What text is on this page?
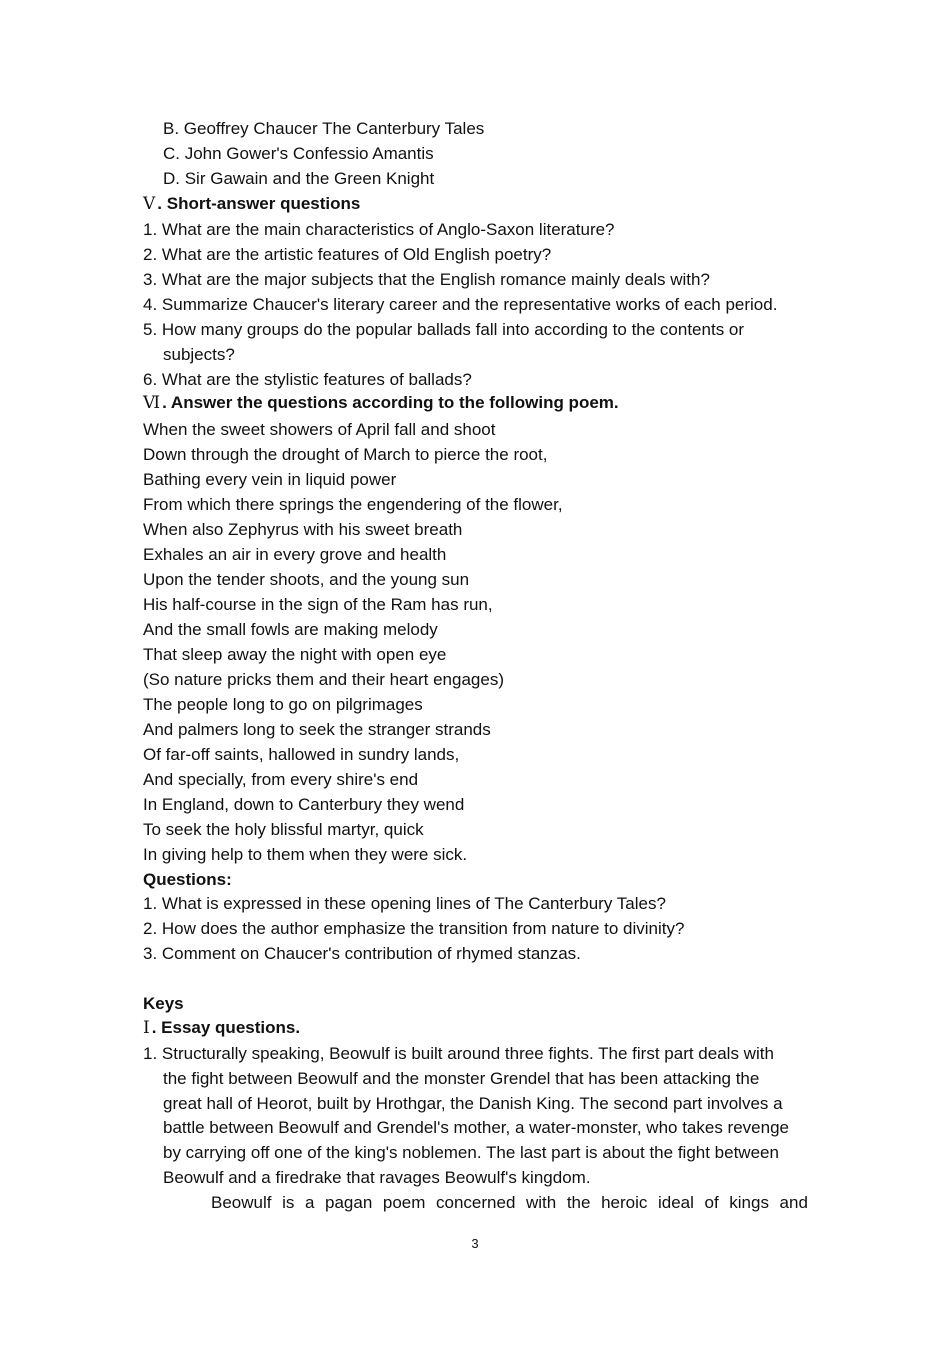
B. Geoffrey Chaucer The Canterbury Tales
C. John Gower's Confessio Amantis
D. Sir Gawain and the Green Knight
Ⅴ . Short-answer questions
1. What are the main characteristics of Anglo-Saxon literature?
2. What are the artistic features of Old English poetry?
3. What are the major subjects that the English romance mainly deals with?
4. Summarize Chaucer's literary career and the representative works of each period.
5. How many groups do the popular ballads fall into according to the contents or
subjects?
6. What are the stylistic features of ballads?
Ⅵ . Answer the questions according to the following poem.
When the sweet showers of April fall and shoot
Down through the drought of March to pierce the root,
Bathing every vein in liquid power
From which there springs the engendering of the flower,
When also Zephyrus with his sweet breath
Exhales an air in every grove and health
Upon the tender shoots, and the young sun
His half-course in the sign of the Ram has run,
And the small fowls are making melody
That sleep away the night with open eye
(So nature pricks them and their heart engages)
The people long to go on pilgrimages
And palmers long to seek the stranger strands
Of far-off saints, hallowed in sundry lands,
And specially, from every shire's end
In England, down to Canterbury they wend
To seek the holy blissful martyr, quick
In giving help to them when they were sick.
Questions:
1. What is expressed in these opening lines of The Canterbury Tales?
2. How does the author emphasize the transition from nature to divinity?
3. Comment on Chaucer's contribution of rhymed stanzas.
Keys
Ⅰ . Essay questions.
1. Structurally speaking, Beowulf is built around three fights. The first part deals with
the fight between Beowulf and the monster Grendel that has been attacking the
great hall of Heorot, built by Hrothgar, the Danish King. The second part involves a
battle between Beowulf and Grendel's mother, a water-monster, who takes revenge
by carrying off one of the king's noblemen. The last part is about the fight between
Beowulf and a firedrake that ravages Beowulf's kingdom.
Beowulf is a pagan poem concerned with the heroic ideal of kings and
3
